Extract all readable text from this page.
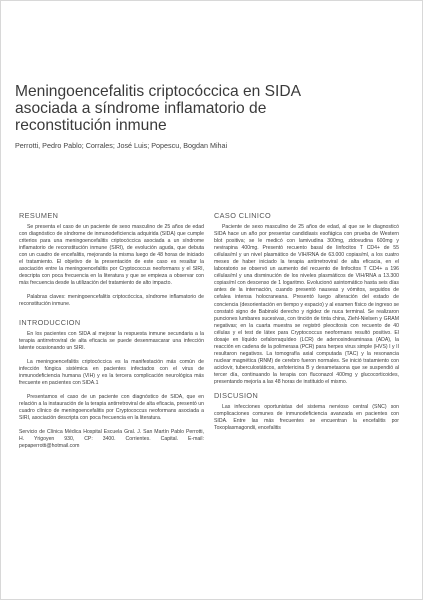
Meningoencefalitis criptocóccica en SIDA asociada a síndrome inflamatorio de reconstitución inmune

Perrotti, Pedro Pablo; Corrales; José Luis; Popescu, Bogdan Mihai

RESUMEN

Se presenta el caso de un paciente de sexo masculino de 25 años de edad con diagnóstico de síndrome de inmunodeficiencia adquirida (SIDA) que cumple criterios para una meningoencefalitis criptocóccica asociada a un síndrome inflamatorio de reconstitución inmune (SIRI), de evolución aguda, que debuta con un cuadro de encefalitis, mejorando la misma luego de 48 horas de iniciado el tratamiento. El objetivo de la presentación de este caso es resaltar la asociación entre la meningoencefalitis por Cryptococcus neoformans y el SIRI, descripta con poca frecuencia en la literatura y que se empieza a observar con más frecuencia desde la utilización del tratamiento de alto impacto.

Palabras claves: meningoencefalitis criptocóccica, síndrome inflamatorio de reconstitución inmune.

INTRODUCCION

En los pacientes con SIDA al mejorar la respuesta inmune secundaria a la terapia antirretroviral de alta eficacia se puede desenmascarar una infección latente ocasionando un SIRI.

La meningoencefalitis criptocóccica es la manifestación más común de infección fúngica sistémica en pacientes infectados con el virus de inmunodeficiencia humana (VIH) y es la tercera complicación neurológica más frecuente en pacientes con SIDA.1

Presentamos el caso de un paciente con diagnóstico de SIDA, que en relación a la instauración de la terapia antirretroviral de alta eficacia, presentó un cuadro clínico de meningoencefalitis por Cryptococcus neoformans asociada a SIRI, asociación descripta con poca frecuencia en la literatura.

Servicio de Clínica Médica Hospital Escuela Gral. J. San Martín Pablo Perrotti, H. Yrigoyen 930, CP: 3400. Corrientes. Capital. E-mail: pepaperrotti@hotmail.com

CASO CLINICO

Paciente de sexo masculino de 25 años de edad, al que se le diagnosticó SIDA hace un año por presentar candidiasis esofágica con prueba de Western blot positiva; se le medicó con lamivudina 300mg, zidovudina 600mg y nevirapina 400mg. Presentó recuento basal de linfocitos T CD4+ de 55 células/ml y un nivel plasmático de VIH/RNA de 63.000 copias/ml, a los cuatro meses de haber iniciado la terapia antirretroviral de alta eficacia, en el laboratorio se observó un aumento del recuento de linfocitos T CD4+ a 196 células/ml y una disminución de los niveles plasmáticos de VIH/RNA a 13.300 copias/ml con descenso de 1 logaritmo. Evolucionó asintomático hasta seis días antes de la internación, cuando presentó nauseas y vómitos, seguidos de cefalea intensa holocraneana. Presentó luego alteración del estado de conciencia (desorientación en tiempo y espacio) y al examen físico de ingreso se constató signo de Babinski derecho y rigidez de nuca terminal. Se realizaron punciones lumbares sucesivas, con tinción de tinta china, Ziehl-Nielsen y GRAM negativas; en la cuarta muestra se registró pleocitosis con recuento de 40 células y el test de látex para Cryptococcus neoformans resultó positivo. El dosaje en líquido cefalorraquídeo (LCR) de adenosindeaminasa (ADA), la reacción en cadena de la polimerasa (PCR) para herpes virus simple (HVS) I y II resultaron negativos. La tomografía axial computada (TAC) y la resonancia nuclear magnética (RNM) de cerebro fueron normales. Se inició tratamiento con aciclovir, tuberculostáticos, anfotericina B y dexametasona que se suspendió al tercer día, continuando la terapia con fluconazol 400mg y glucocorticoides, presentando mejoría a las 48 horas de instituido el mismo.

DISCUSION

Las infecciones oportunistas del sistema nervioso central (SNC) son complicaciones comunes de inmunodeficiencia avanzada en pacientes con SIDA. Entre las más frecuentes se encuentran la encefalitis por Toxoplasmagondii, encefalitis
